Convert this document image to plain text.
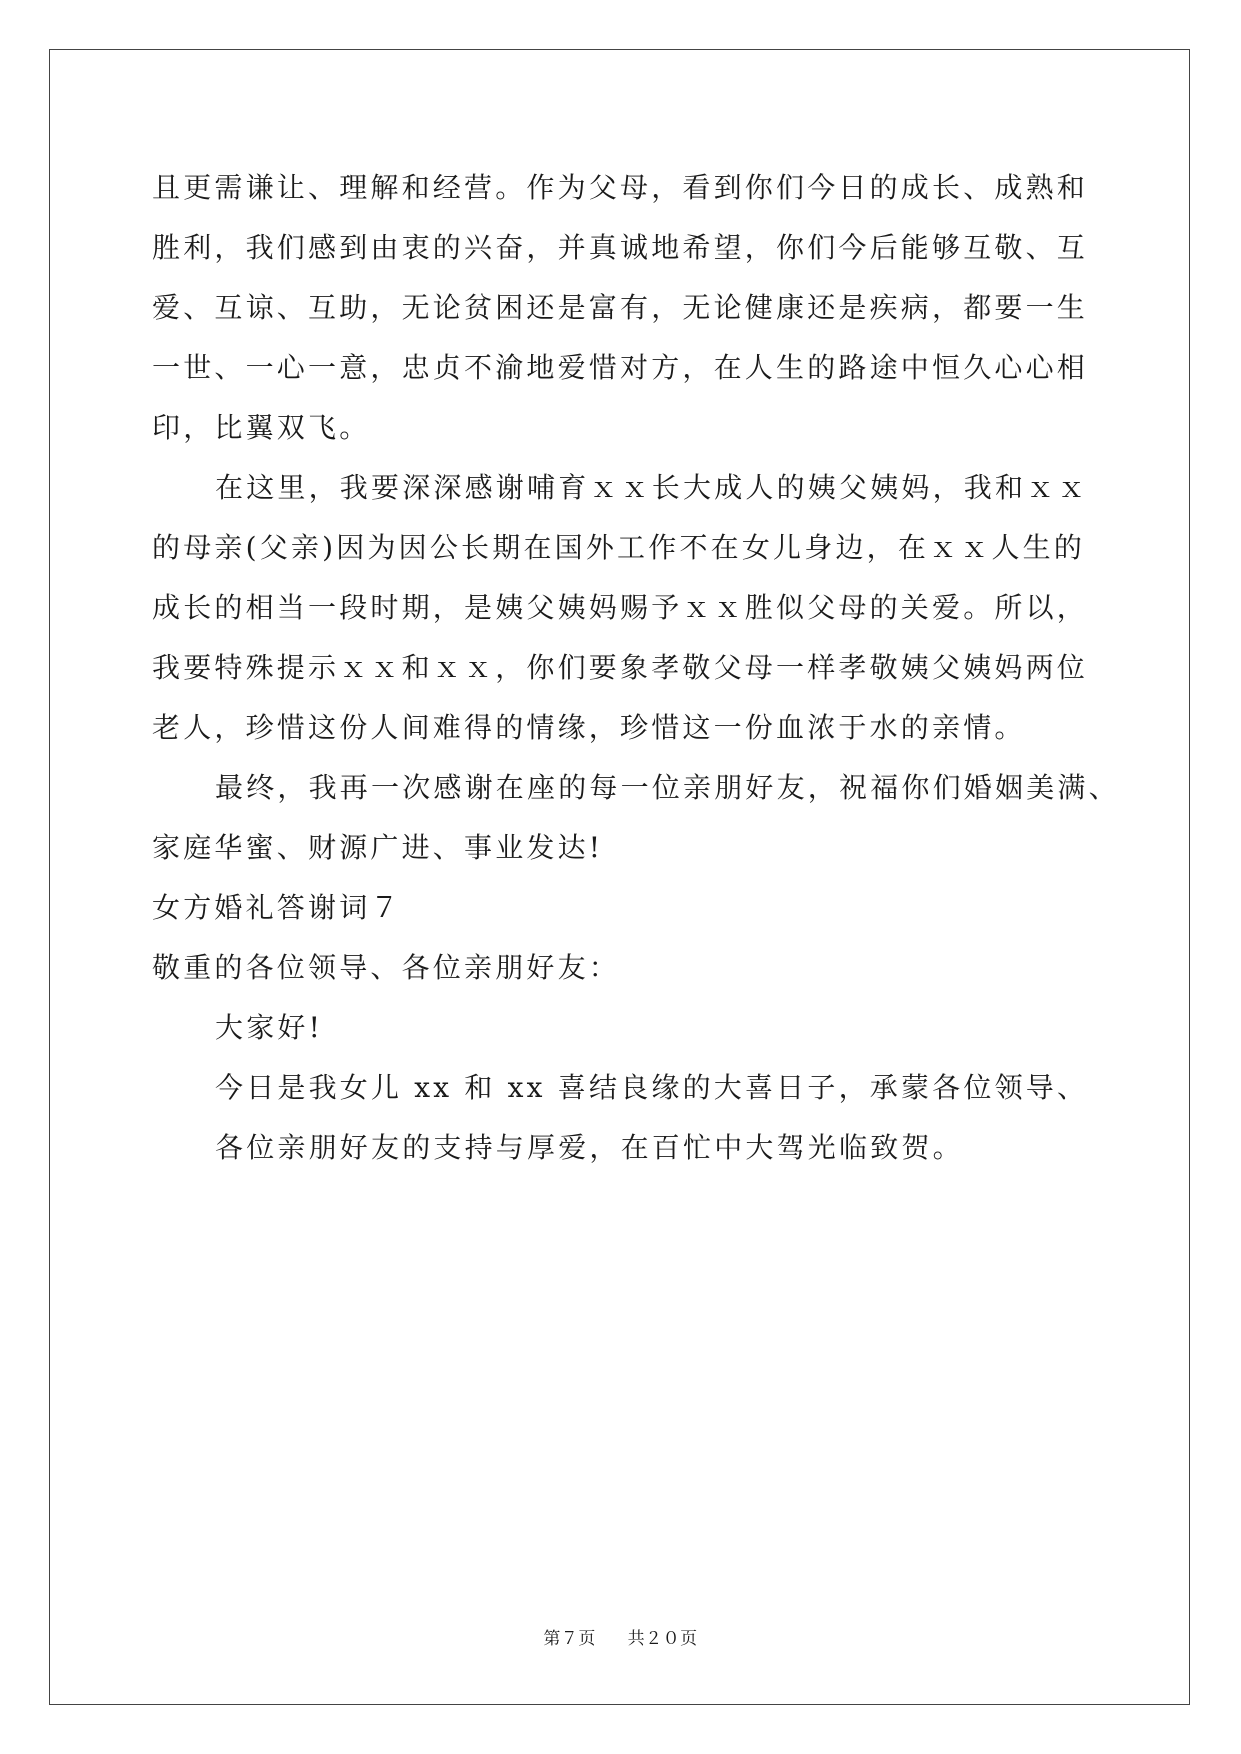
且更需谦让、理解和经营。作为父母，看到你们今日的成长、成熟和
胜利，我们感到由衷的兴奋，并真诚地希望，你们今后能够互敬、互
爱、互谅、互助，无论贫困还是富有，无论健康还是疾病，都要一生
一世、一心一意，忠贞不渝地爱惜对方，在人生的路途中恒久心心相
印，比翼双飞。
在这里，我要深深感谢哺育ｘｘ长大成人的姨父姨妈，我和ｘｘ
的母亲(父亲)因为因公长期在国外工作不在女儿身边，在ｘｘ人生的
成长的相当一段时期，是姨父姨妈赐予ｘｘ胜似父母的关爱。所以，
我要特殊提示ｘｘ和ｘｘ，你们要象孝敬父母一样孝敬姨父姨妈两位
老人，珍惜这份人间难得的情缘，珍惜这一份血浓于水的亲情。
最终，我再一次感谢在座的每一位亲朋好友，祝福你们婚姻美满、
家庭华蜜、财源广进、事业发达!
女方婚礼答谢词７
敬重的各位领导、各位亲朋好友：
大家好!
今日是我女儿 xx 和 xx 喜结良缘的大喜日子，承蒙各位领导、
各位亲朋好友的支持与厚爱，在百忙中大驾光临致贺。
第７页 共２０页
